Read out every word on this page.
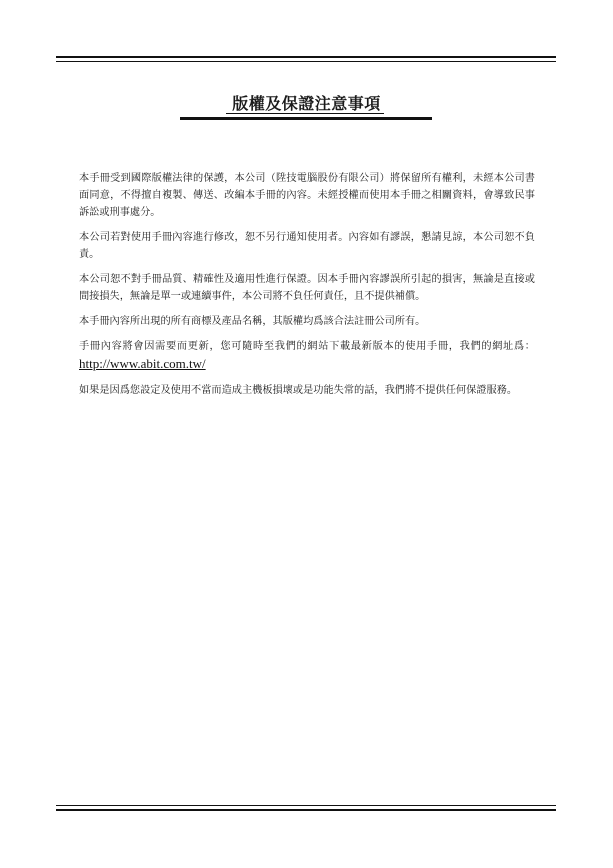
版權及保證注意事項

本手冊受到國際版權法律的保護，本公司（陞技電腦股份有限公司）將保留所有權利，未經本公司書面同意，不得擅自複製、傳送、改編本手冊的內容。未經授權而使用本手冊之相關資料，會導致民事訴訟或刑事處分。

本公司若對使用手冊內容進行修改，恕不另行通知使用者。內容如有謬誤，懇請見諒，本公司恕不負責。

本公司恕不對手冊品質、精確性及適用性進行保證。因本手冊內容謬誤所引起的損害，無論是直接或間接損失，無論是單一或連續事件，本公司將不負任何責任，且不提供補償。

本手冊內容所出現的所有商標及產品名稱，其版權均爲該合法註冊公司所有。

手冊內容將會因需要而更新，您可隨時至我們的網站下載最新版本的使用手冊，我們的網址爲：http://www.abit.com.tw/

如果是因爲您設定及使用不當而造成主機板損壞或是功能失常的話，我們將不提供任何保證服務。
